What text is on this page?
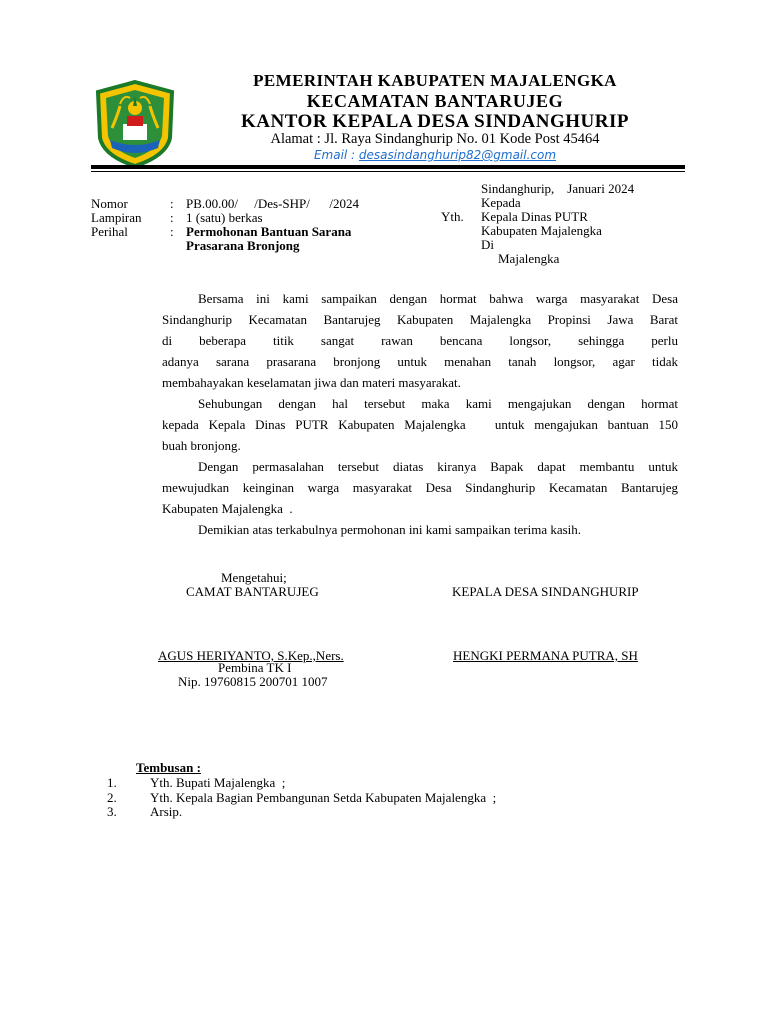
PEMERINTAH KABUPATEN MAJALENGKA
KECAMATAN BANTARUJEG
KANTOR KEPALA DESA SINDANGHURIP
Alamat : Jl. Raya Sindanghurip No. 01 Kode Post 45464
Email : desasindanghurip82@gmail.com
Nomor	: PB.00.00/     /Des-SHP/      /2024
Lampiran : 1 (satu) berkas
Perihal	: Permohonan Bantuan Sarana
Prasarana Bronjong
Sindanghurip,    Januari 2024
Kepada
Yth. Kepala Dinas PUTR
Kabupaten Majalengka
Di
Majalengka
Bersama ini kami sampaikan dengan hormat bahwa warga masyarakat Desa
Sindanghurip Kecamatan Bantarujeg Kabupaten Majalengka Propinsi Jawa Barat
di beberapa titik sangat rawan bencana longsor, sehingga perlu
adanya sarana prasarana bronjong untuk menahan tanah longsor, agar tidak
membahayakan keselamatan jiwa dan materi masyarakat.
Sehubungan dengan hal tersebut maka kami mengajukan dengan hormat
kepada Kepala Dinas PUTR Kabupaten Majalengka   untuk mengajukan bantuan 150
buah bronjong.
Dengan permasalahan tersebut diatas kiranya Bapak dapat membantu untuk
mewujudkan keinginan warga masyarakat Desa Sindanghurip Kecamatan Bantarujeg
Kabupaten Majalengka  .
Demikian atas terkabulnya permohonan ini kami sampaikan terima kasih.
Mengetahui;
CAMAT BANTARUJEG	KEPALA DESA SINDANGHURIP
AGUS HERIYANTO, S.Kep.,Ners.
Pembina TK I
Nip. 19760815 200701 1007
HENGKI PERMANA PUTRA, SH
Tembusan :
1.	Yth. Bupati Majalengka  ;
2.	Yth. Kepala Bagian Pembangunan Setda Kabupaten Majalengka  ;
3.	Arsip.
